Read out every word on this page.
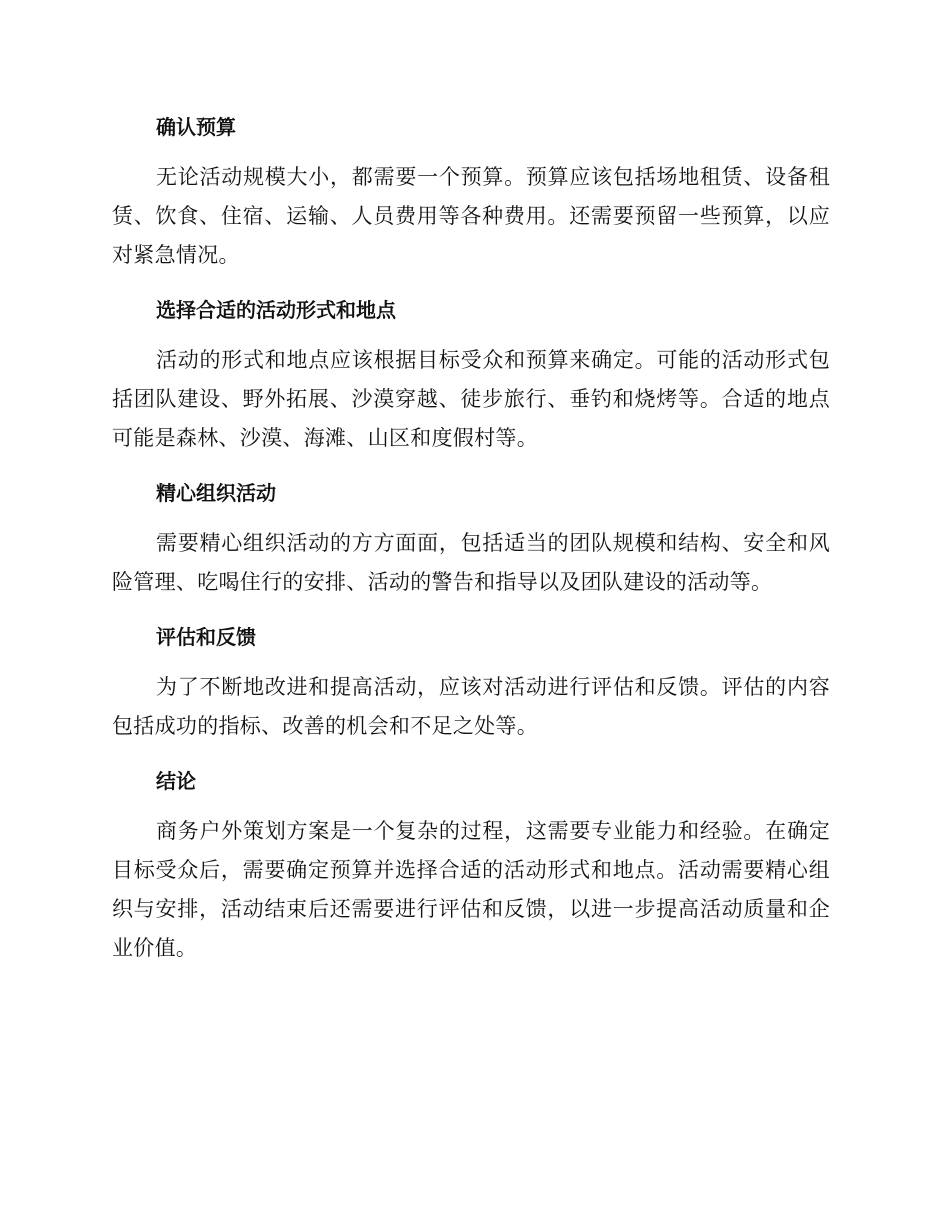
确认预算

无论活动规模大小，都需要一个预算。预算应该包括场地租赁、设备租赁、饮食、住宿、运输、人员费用等各种费用。还需要预留一些预算，以应对紧急情况。

选择合适的活动形式和地点

活动的形式和地点应该根据目标受众和预算来确定。可能的活动形式包括团队建设、野外拓展、沙漠穿越、徒步旅行、垂钓和烧烤等。合适的地点可能是森林、沙漠、海滩、山区和度假村等。

精心组织活动

需要精心组织活动的方方面面，包括适当的团队规模和结构、安全和风险管理、吃喝住行的安排、活动的警告和指导以及团队建设的活动等。

评估和反馈

为了不断地改进和提高活动，应该对活动进行评估和反馈。评估的内容包括成功的指标、改善的机会和不足之处等。

结论

商务户外策划方案是一个复杂的过程，这需要专业能力和经验。在确定目标受众后，需要确定预算并选择合适的活动形式和地点。活动需要精心组织与安排，活动结束后还需要进行评估和反馈，以进一步提高活动质量和企业价值。
